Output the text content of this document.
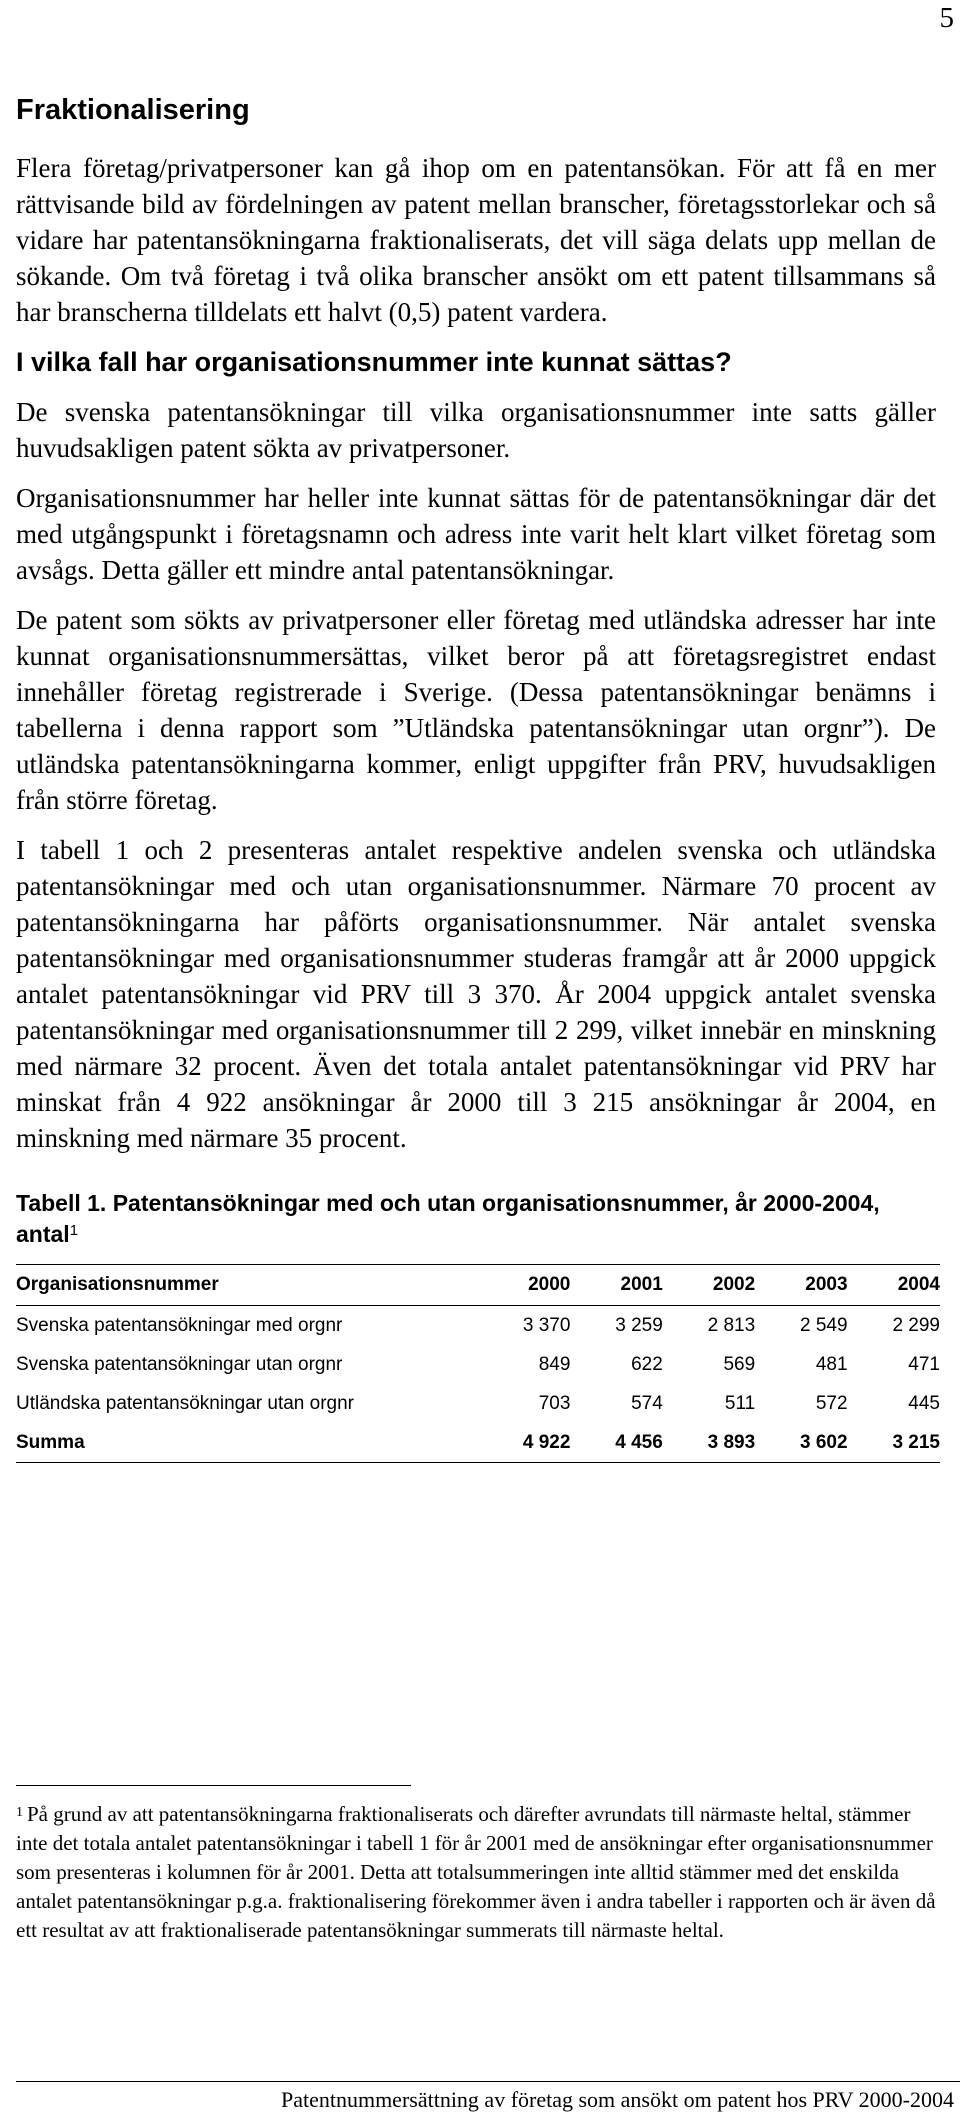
5
Fraktionalisering

Flera företag/privatpersoner kan gå ihop om en patentansökan. För att få en mer rättvisande bild av fördelningen av patent mellan branscher, företagsstorlekar och så vidare har patentansökningarna fraktionaliserats, det vill säga delats upp mellan de sökande. Om två företag i två olika branscher ansökt om ett patent tillsammans så har branscherna tilldelats ett halvt (0,5) patent vardera.

I vilka fall har organisationsnummer inte kunnat sättas?

De svenska patentansökningar till vilka organisationsnummer inte satts gäller huvudsakligen patent sökta av privatpersoner.

Organisationsnummer har heller inte kunnat sättas för de patentansökningar där det med utgångspunkt i företagsnamn och adress inte varit helt klart vilket företag som avsågs. Detta gäller ett mindre antal patentansökningar.

De patent som sökts av privatpersoner eller företag med utländska adresser har inte kunnat organisationsnummersättas, vilket beror på att företagsregistret endast innehåller företag registrerade i Sverige. (Dessa patentansökningar benämns i tabellerna i denna rapport som ”Utländska patentansökningar utan orgnr”). De utländska patentansökningarna kommer, enligt uppgifter från PRV, huvudsakligen från större företag.

I tabell 1 och 2 presenteras antalet respektive andelen svenska och utländska patentansökningar med och utan organisationsnummer. Närmare 70 procent av patentansökningarna har påförts organisationsnummer. När antalet svenska patentansökningar med organisationsnummer studeras framgår att år 2000 uppgick antalet patentansökningar vid PRV till 3 370. År 2004 uppgick antalet svenska patentansökningar med organisationsnummer till 2 299, vilket innebär en minskning med närmare 32 procent. Även det totala antalet patentansökningar vid PRV har minskat från 4 922 ansökningar år 2000 till 3 215 ansökningar år 2004, en minskning med närmare 35 procent.

Tabell 1. Patentansökningar med och utan organisationsnummer, år 2000-2004, antal$^1$
Organisationsnummer	2000	2001	2002	2003	2004
Svenska patentansökningar med orgnr	3 370	3 259	2 813	2 549	2 299
Svenska patentansökningar utan orgnr	849	622	569	481	471
Utländska patentansökningar utan orgnr	703	574	511	572	445
Summa	4 922	4 456	3 893	3 602	3 215
$^1$ På grund av att patentansökningarna fraktionaliserats och därefter avrundats till närmaste heltal, stämmer inte det totala antalet patentansökningar i tabell 1 för år 2001 med de ansökningar efter organisationsnummer som presenteras i kolumnen för år 2001. Detta att totalsummeringen inte alltid stämmer med det enskilda antalet patentansökningar p.g.a. fraktionalisering förekommer även i andra tabeller i rapporten och är även då ett resultat av att fraktionaliserade patentansökningar summerats till närmaste heltal.
Patentnummersättning av företag som ansökt om patent hos PRV 2000-2004
